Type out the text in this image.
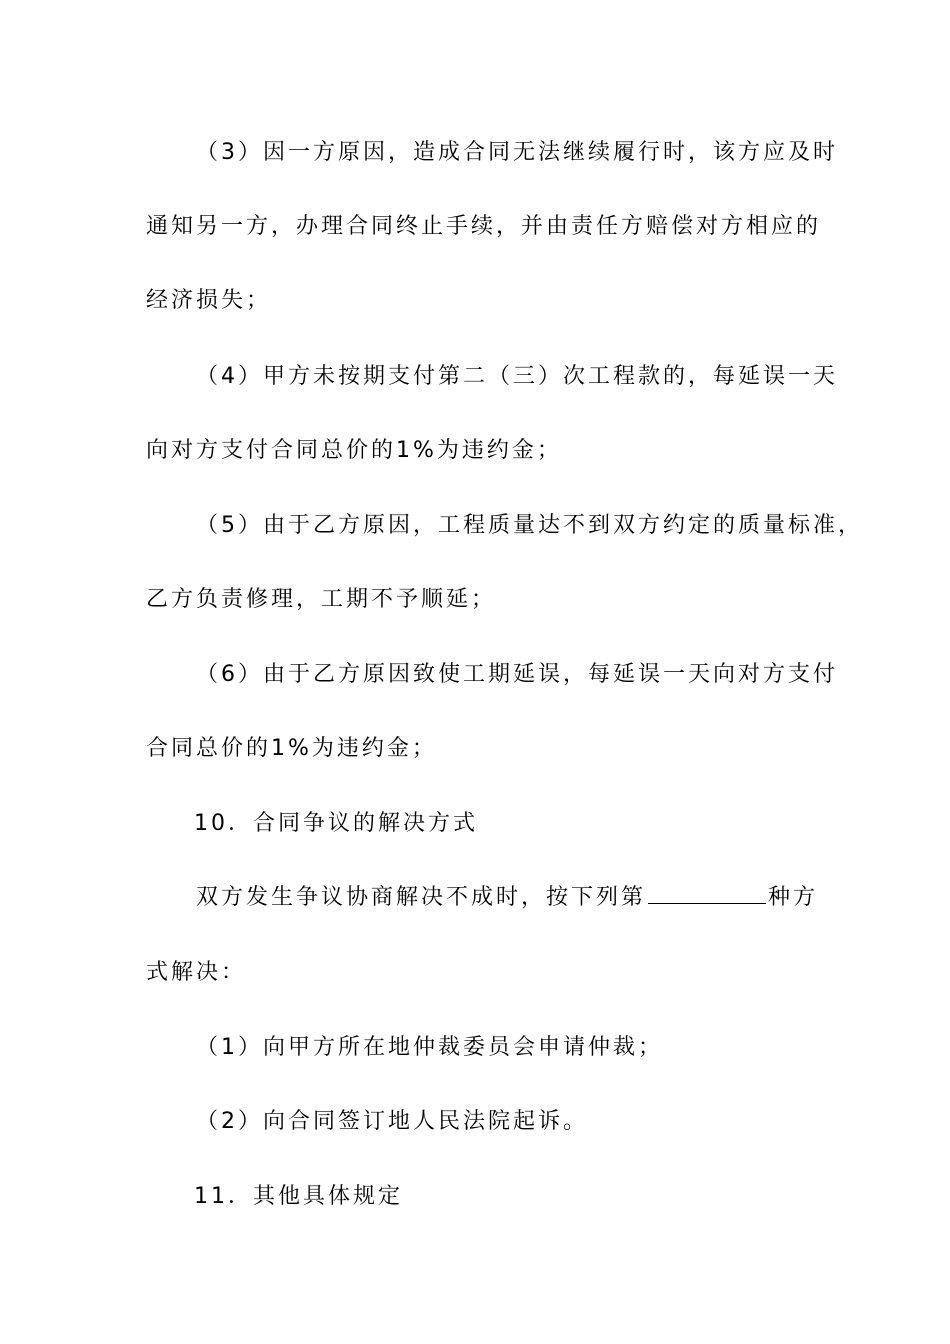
（3）因一方原因，造成合同无法继续履行时，该方应及时
通知另一方，办理合同终止手续，并由责任方赔偿对方相应的
经济损失；
（4）甲方未按期支付第二（三）次工程款的，每延误一天
向对方支付合同总价的1%为违约金；
（5）由于乙方原因，工程质量达不到双方约定的质量标准，
乙方负责修理，工期不予顺延；
（6）由于乙方原因致使工期延误，每延误一天向对方支付
合同总价的1%为违约金；
10．合同争议的解决方式
双方发生争议协商解决不成时，按下列第	种方
式解决：
（1）向甲方所在地仲裁委员会申请仲裁；
（2）向合同签订地人民法院起诉。
11．其他具体规定
